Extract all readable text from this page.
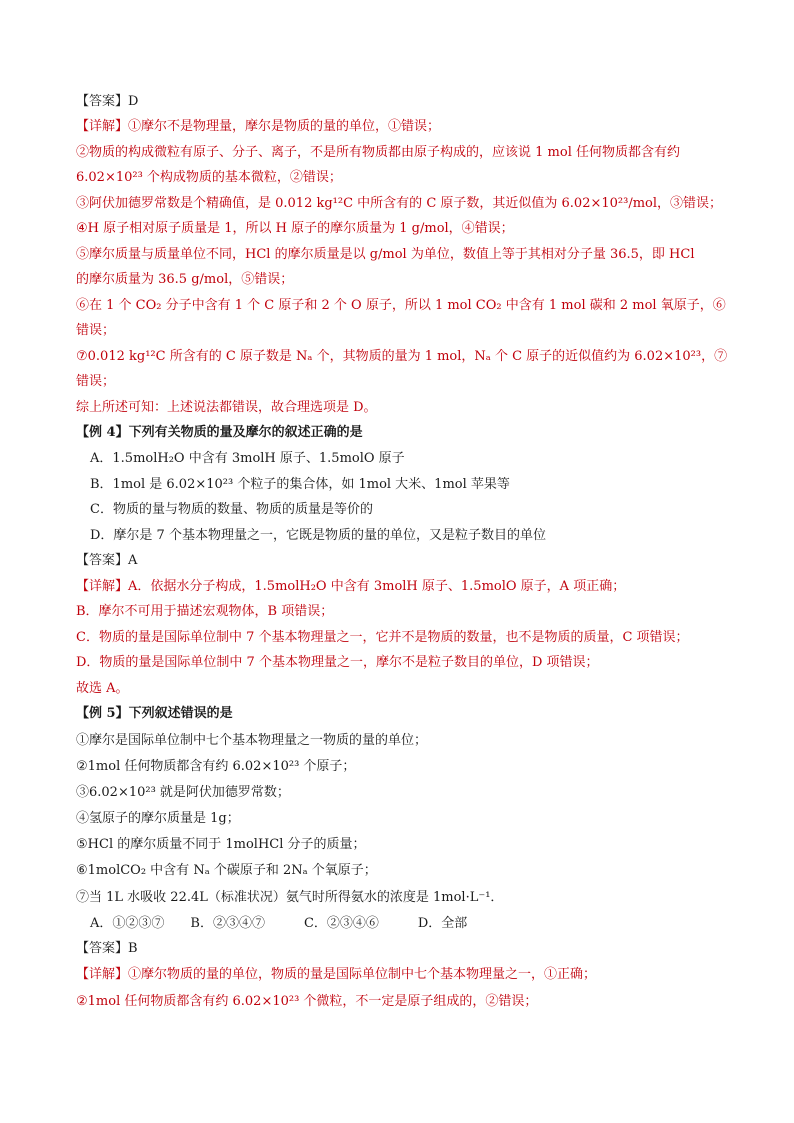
【答案】D
【详解】①摩尔不是物理量，摩尔是物质的量的单位，①错误；
②物质的构成微粒有原子、分子、离子，不是所有物质都由原子构成的，应该说 1 mol 任何物质都含有约
6.02×10²³ 个构成物质的基本微粒，②错误；
③阿伏加德罗常数是个精确值，是 0.012 kg¹²C 中所含有的 C 原子数，其近似值为 6.02×10²³/mol，③错误；
④H 原子相对原子质量是 1，所以 H 原子的摩尔质量为 1 g/mol，④错误；
⑤摩尔质量与质量单位不同，HCl 的摩尔质量是以 g/mol 为单位，数值上等于其相对分子量 36.5，即 HCl
的摩尔质量为 36.5 g/mol，⑤错误；
⑥在 1 个 CO₂ 分子中含有 1 个 C 原子和 2 个 O 原子，所以 1 mol CO₂ 中含有 1 mol 碳和 2 mol 氧原子，⑥
错误；
⑦0.012 kg¹²C 所含有的 C 原子数是 Nₐ 个，其物质的量为 1 mol，Nₐ 个 C 原子的近似值约为 6.02×10²³，⑦
错误；
综上所述可知：上述说法都错误，故合理选项是 D。
【例 4】下列有关物质的量及摩尔的叙述正确的是
A．1.5molH₂O 中含有 3molH 原子、1.5molO 原子
B．1mol 是 6.02×10²³ 个粒子的集合体，如 1mol 大米、1mol 苹果等
C．物质的量与物质的数量、物质的质量是等价的
D．摩尔是 7 个基本物理量之一，它既是物质的量的单位，又是粒子数目的单位
【答案】A
【详解】A．依据水分子构成，1.5molH₂O 中含有 3molH 原子、1.5molO 原子，A 项正确；
B．摩尔不可用于描述宏观物体，B 项错误；
C．物质的量是国际单位制中 7 个基本物理量之一，它并不是物质的数量，也不是物质的质量，C 项错误；
D．物质的量是国际单位制中 7 个基本物理量之一，摩尔不是粒子数目的单位，D 项错误；
故选 A。
【例 5】下列叙述错误的是
①摩尔是国际单位制中七个基本物理量之一物质的量的单位；
②1mol 任何物质都含有约 6.02×10²³ 个原子；
③6.02×10²³ 就是阿伏加德罗常数；
④氢原子的摩尔质量是 1g；
⑤HCl 的摩尔质量不同于 1molHCl 分子的质量；
⑥1molCO₂ 中含有 Nₐ 个碳原子和 2Nₐ 个氧原子；
⑦当 1L 水吸收 22.4L（标准状况）氨气时所得氨水的浓度是 1mol·L⁻¹．
A．①②③⑦　　B．②③④⑦　　　C．②③④⑥　　　D．全部
【答案】B
【详解】①摩尔物质的量的单位，物质的量是国际单位制中七个基本物理量之一，①正确；
②1mol 任何物质都含有约 6.02×10²³ 个微粒，不一定是原子组成的，②错误；
